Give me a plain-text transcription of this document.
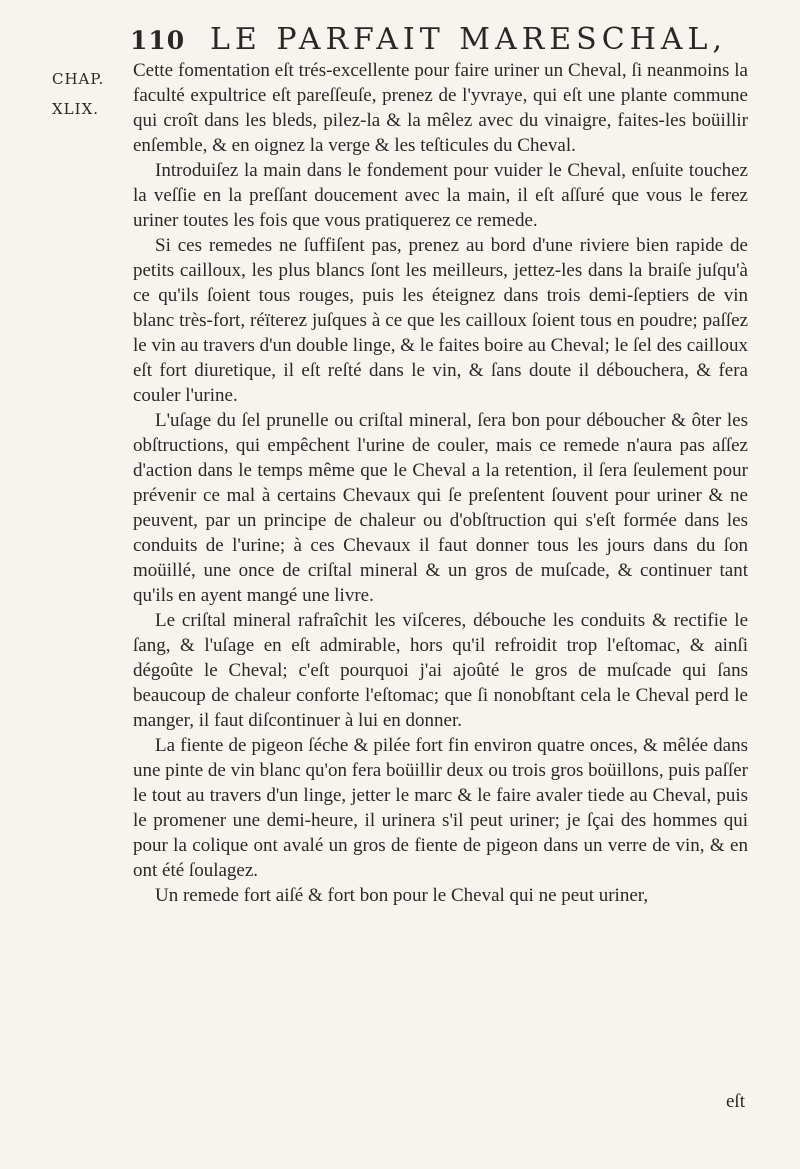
110 LE PARFAIT MARESCHAL,
CHAP.
XLIX.

Cette fomentation eſt trés-excellente pour faire uriner un Cheval, ſi neanmoins la faculté expultrice eſt pareſſeuſe, prenez de l'yvraye, qui eſt une plante commune qui croît dans les bleds, pilez-la & la mêlez avec du vinaigre, faites-les boüillir enſemble, & en oignez la verge & les teſticules du Cheval.

Introduiſez la main dans le fondement pour vuider le Cheval, enſuite touchez la veſſie en la preſſant doucement avec la main, il eſt aſſuré que vous le ferez uriner toutes les fois que vous pratiquerez ce remede.

Si ces remedes ne ſuffiſent pas, prenez au bord d'une riviere bien rapide de petits cailloux, les plus blancs ſont les meilleurs, jettez-les dans la braiſe juſqu'à ce qu'ils ſoient tous rouges, puis les éteignez dans trois demi-ſeptiers de vin blanc très-fort, réïterez juſques à ce que les cailloux ſoient tous en poudre; paſſez le vin au travers d'un double linge, & le faites boire au Cheval; le ſel des cailloux eſt fort diuretique, il eſt reſté dans le vin, & ſans doute il débouchera, & fera couler l'urine.

L'uſage du ſel prunelle ou criſtal mineral, ſera bon pour déboucher & ôter les obſtructions, qui empêchent l'urine de couler, mais ce remede n'aura pas aſſez d'action dans le temps même que le Cheval a la retention, il ſera ſeulement pour prévenir ce mal à certains Chevaux qui ſe preſentent ſouvent pour uriner & ne peuvent, par un principe de chaleur ou d'obſtruction qui s'eſt formée dans les conduits de l'urine; à ces Chevaux il faut donner tous les jours dans du ſon moüillé, une once de criſtal mineral & un gros de muſcade, & continuer tant qu'ils en ayent mangé une livre.

Le criſtal mineral rafraîchit les viſceres, débouche les conduits & rectifie le ſang, & l'uſage en eſt admirable, hors qu'il refroidit trop l'eſtomac, & ainſi dégoûte le Cheval; c'eſt pourquoi j'ai ajoûté le gros de muſcade qui ſans beaucoup de chaleur conforte l'eſtomac; que ſi nonobſtant cela le Cheval perd le manger, il faut diſcontinuer à lui en donner.

La fiente de pigeon ſéche & pilée fort fin environ quatre onces, & mêlée dans une pinte de vin blanc qu'on fera boüillir deux ou trois gros boüillons, puis paſſer le tout au travers d'un linge, jetter le marc & le faire avaler tiede au Cheval, puis le promener une demi-heure, il urinera s'il peut uriner; je ſçai des hommes qui pour la colique ont avalé un gros de fiente de pigeon dans un verre de vin, & en ont été ſoulagez.

Un remede fort aiſé & fort bon pour le Cheval qui ne peut uriner,

eſt
